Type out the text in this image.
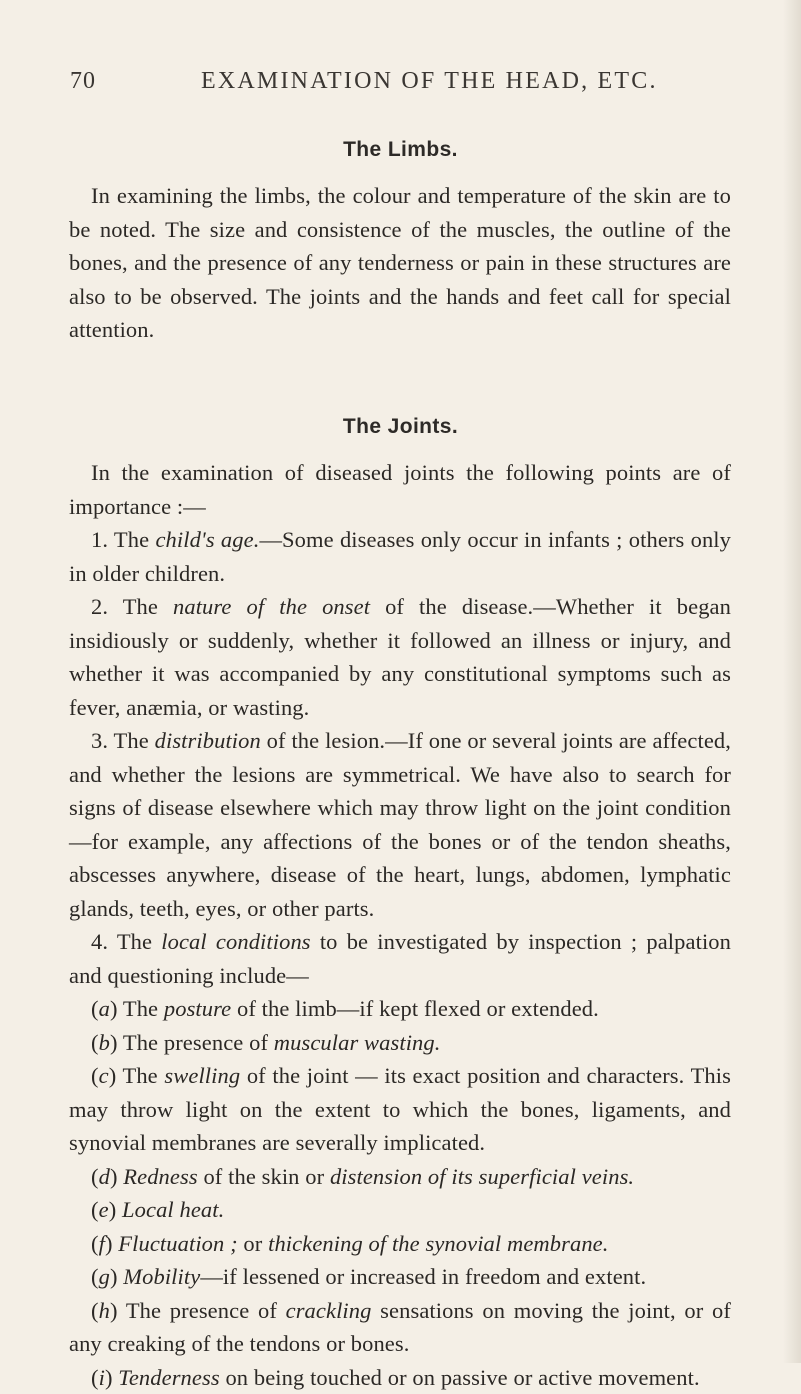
70	EXAMINATION OF THE HEAD, ETC.
The Limbs.

In examining the limbs, the colour and temperature of the skin are to be noted. The size and consistence of the muscles, the outline of the bones, and the presence of any tenderness or pain in these structures are also to be observed. The joints and the hands and feet call for special attention.

The Joints.

In the examination of diseased joints the following points are of importance :—

1. The child's age.—Some diseases only occur in infants ; others only in older children.

2. The nature of the onset of the disease.—Whether it began insidiously or suddenly, whether it followed an illness or injury, and whether it was accompanied by any constitutional symptoms such as fever, anæmia, or wasting.

3. The distribution of the lesion.—If one or several joints are affected, and whether the lesions are symmetrical. We have also to search for signs of disease elsewhere which may throw light on the joint condition—for example, any affections of the bones or of the tendon sheaths, abscesses anywhere, disease of the heart, lungs, abdomen, lymphatic glands, teeth, eyes, or other parts.

4. The local conditions to be investigated by inspection ; palpation and questioning include—

(a) The posture of the limb—if kept flexed or extended.

(b) The presence of muscular wasting.

(c) The swelling of the joint — its exact position and characters. This may throw light on the extent to which the bones, ligaments, and synovial membranes are severally implicated.

(d) Redness of the skin or distension of its superficial veins.

(e) Local heat.

(f) Fluctuation ; or thickening of the synovial membrane.

(g) Mobility—if lessened or increased in freedom and extent.

(h) The presence of crackling sensations on moving the joint, or of any creaking of the tendons or bones.

(i) Tenderness on being touched or on passive or active movement.
